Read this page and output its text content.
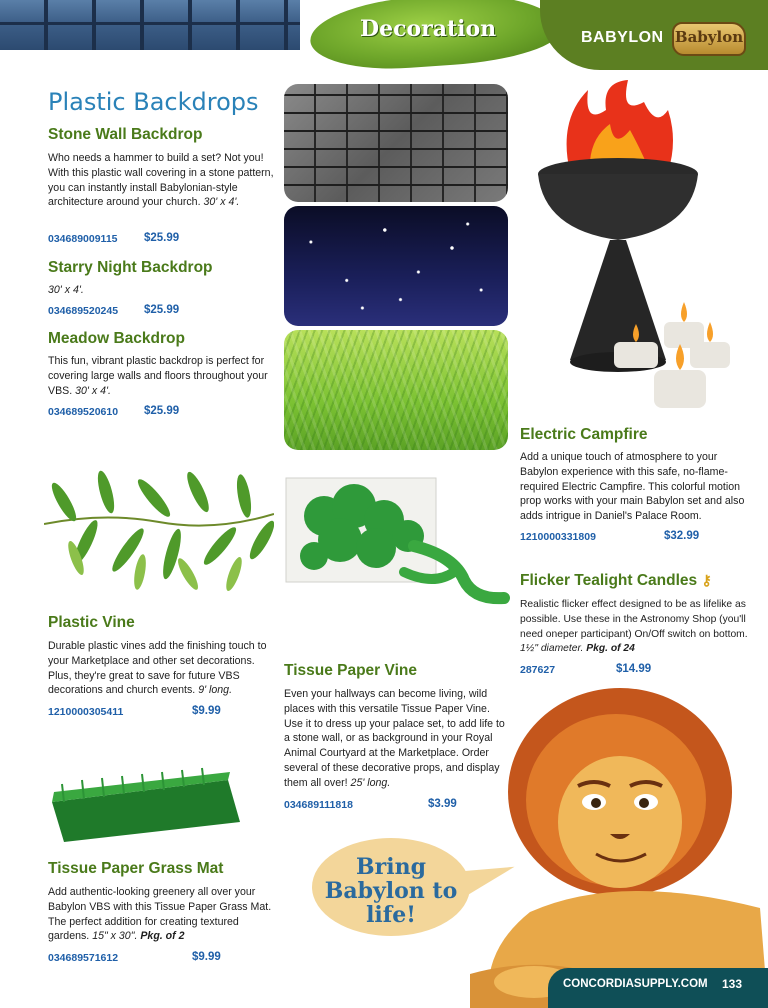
Decoration	BABYLON Babylon
Plastic Backdrops
Stone Wall Backdrop
Who needs a hammer to build a set? Not you! With this plastic wall covering in a stone pattern, you can instantly install Babylonian-style architecture around your church. 30' x 4'.
034689009115 $25.99
Starry Night Backdrop
30' x 4'.
034689520245 $25.99
Meadow Backdrop
This fun, vibrant plastic backdrop is perfect for covering large walls and floors throughout your VBS. 30' x 4'.
034689520610 $25.99
Electric Campfire
Add a unique touch of atmosphere to your Babylon experience with this safe, no-flame-required Electric Campfire. This colorful motion prop works with your main Babylon set and also adds intrigue in Daniel's Palace Room.
1210000331809	$32.99
Flicker Tealight Candles ⚷
Realistic flicker effect designed to be as lifelike as possible. Use these in the Astronomy Shop (you'll need oneper participant) On/Off switch on bottom. 1½" diameter. Pkg. of 24
287627	$14.99
Plastic Vine
Durable plastic vines add the finishing touch to your Marketplace and other set decorations. Plus, they're great to save for future VBS decorations and church events. 9' long.
1210000305411	$9.99
Tissue Paper Vine
Even your hallways can become living, wild places with this versatile Tissue Paper Vine. Use it to dress up your palace set, to add life to a stone wall, or as background in your Royal Animal Courtyard at the Marketplace. Order several of these decorative props, and display them all over! 25' long.
034689111818	$3.99
Tissue Paper Grass Mat
Add authentic-looking greenery all over your Babylon VBS with this Tissue Paper Grass Mat. The perfect addition for creating textured gardens. 15" x 30". Pkg. of 2
034689571612	$9.99
Bring
Babylon to
life!
CONCORDIASUPPLY.COM 133
